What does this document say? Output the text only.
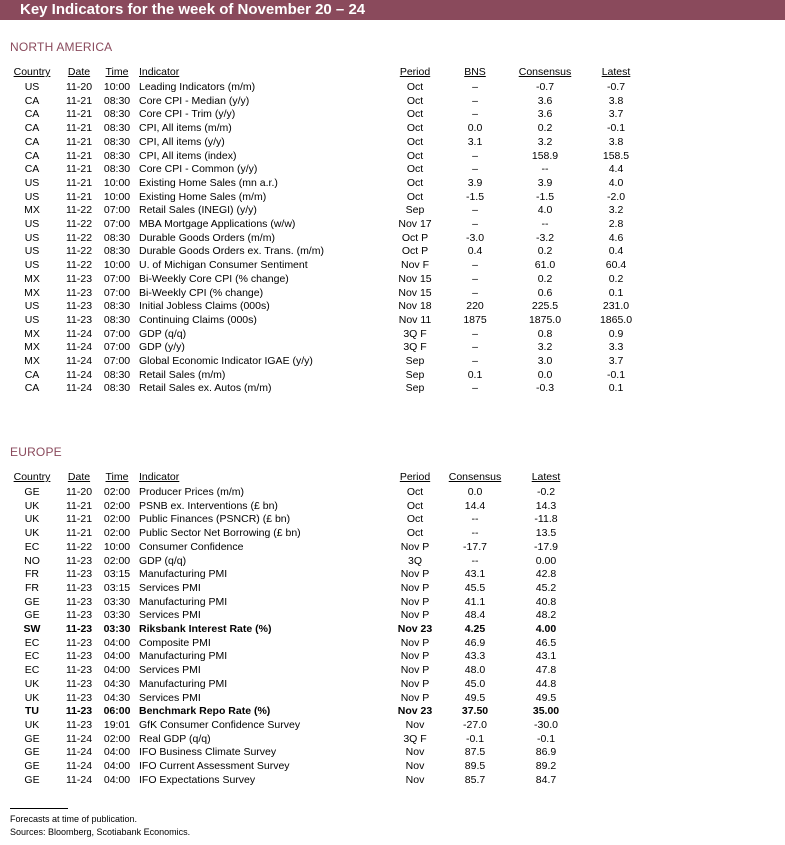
Key Indicators for the week of November 20 – 24
NORTH AMERICA
Country	Date	Time	Indicator	Period	BNS	Consensus	Latest
US	11-20	10:00 Leading Indicators (m/m)	Oct	–	-0.7	-0.7
CA	11-21	08:30 Core CPI - Median (y/y)	Oct	–	3.6	3.8
CA	11-21	08:30 Core CPI - Trim (y/y)	Oct	–	3.6	3.7
CA	11-21	08:30 CPI, All items (m/m)	Oct	0.0	0.2	-0.1
CA	11-21	08:30 CPI, All items (y/y)	Oct	3.1	3.2	3.8
CA	11-21	08:30 CPI, All items (index)	Oct	–	158.9	158.5
CA	11-21	08:30 Core CPI - Common (y/y)	Oct	–	--	4.4
US	11-21	10:00 Existing Home Sales (mn a.r.)	Oct	3.9	3.9	4.0
US	11-21	10:00 Existing Home Sales (m/m)	Oct	-1.5	-1.5	-2.0
MX	11-22	07:00 Retail Sales (INEGI) (y/y)	Sep	–	4.0	3.2
US	11-22	07:00 MBA Mortgage Applications (w/w)	Nov 17	–	--	2.8
US	11-22	08:30 Durable Goods Orders (m/m)	Oct P	-3.0	-3.2	4.6
US	11-22	08:30 Durable Goods Orders ex. Trans. (m/m)	Oct P	0.4	0.2	0.4
US	11-22	10:00 U. of Michigan Consumer Sentiment	Nov F	–	61.0	60.4
MX	11-23	07:00 Bi-Weekly Core CPI (% change)	Nov 15	–	0.2	0.2
MX	11-23	07:00 Bi-Weekly CPI (% change)	Nov 15	–	0.6	0.1
US	11-23	08:30 Initial Jobless Claims (000s)	Nov 18	220	225.5	231.0
US	11-23	08:30 Continuing Claims (000s)	Nov 11	1875	1875.0	1865.0
MX	11-24	07:00 GDP (q/q)	3Q F	–	0.8	0.9
MX	11-24	07:00 GDP (y/y)	3Q F	–	3.2	3.3
MX	11-24	07:00 Global Economic Indicator IGAE (y/y)	Sep	–	3.0	3.7
CA	11-24	08:30 Retail Sales (m/m)	Sep	0.1	0.0	-0.1
CA	11-24	08:30 Retail Sales ex. Autos (m/m)	Sep	–	-0.3	0.1
EUROPE
Country	Date	Time	Indicator	Period	Consensus	Latest
GE	11-20	02:00 Producer Prices (m/m)	Oct	0.0	-0.2
UK	11-21	02:00 PSNB ex. Interventions (£ bn)	Oct	14.4	14.3
UK	11-21	02:00 Public Finances (PSNCR) (£ bn)	Oct	--	-11.8
UK	11-21	02:00 Public Sector Net Borrowing (£ bn)	Oct	--	13.5
EC	11-22	10:00 Consumer Confidence	Nov P	-17.7	-17.9
NO	11-23	02:00 GDP (q/q)	3Q	--	0.00
FR	11-23	03:15 Manufacturing PMI	Nov P	43.1	42.8
FR	11-23	03:15 Services PMI	Nov P	45.5	45.2
GE	11-23	03:30 Manufacturing PMI	Nov P	41.1	40.8
GE	11-23	03:30 Services PMI	Nov P	48.4	48.2
SW	11-23	03:30 Riksbank Interest Rate (%)	Nov 23	4.25	4.00
EC	11-23	04:00 Composite PMI	Nov P	46.9	46.5
EC	11-23	04:00 Manufacturing PMI	Nov P	43.3	43.1
EC	11-23	04:00 Services PMI	Nov P	48.0	47.8
UK	11-23	04:30 Manufacturing PMI	Nov P	45.0	44.8
UK	11-23	04:30 Services PMI	Nov P	49.5	49.5
TU	11-23	06:00 Benchmark Repo Rate (%)	Nov 23	37.50	35.00
UK	11-23	19:01 GfK Consumer Confidence Survey	Nov	-27.0	-30.0
GE	11-24	02:00 Real GDP (q/q)	3Q F	-0.1	-0.1
GE	11-24	04:00 IFO Business Climate Survey	Nov	87.5	86.9
GE	11-24	04:00 IFO Current Assessment Survey	Nov	89.5	89.2
GE	11-24	04:00 IFO Expectations Survey	Nov	85.7	84.7
Forecasts at time of publication.
Sources: Bloomberg, Scotiabank Economics.
